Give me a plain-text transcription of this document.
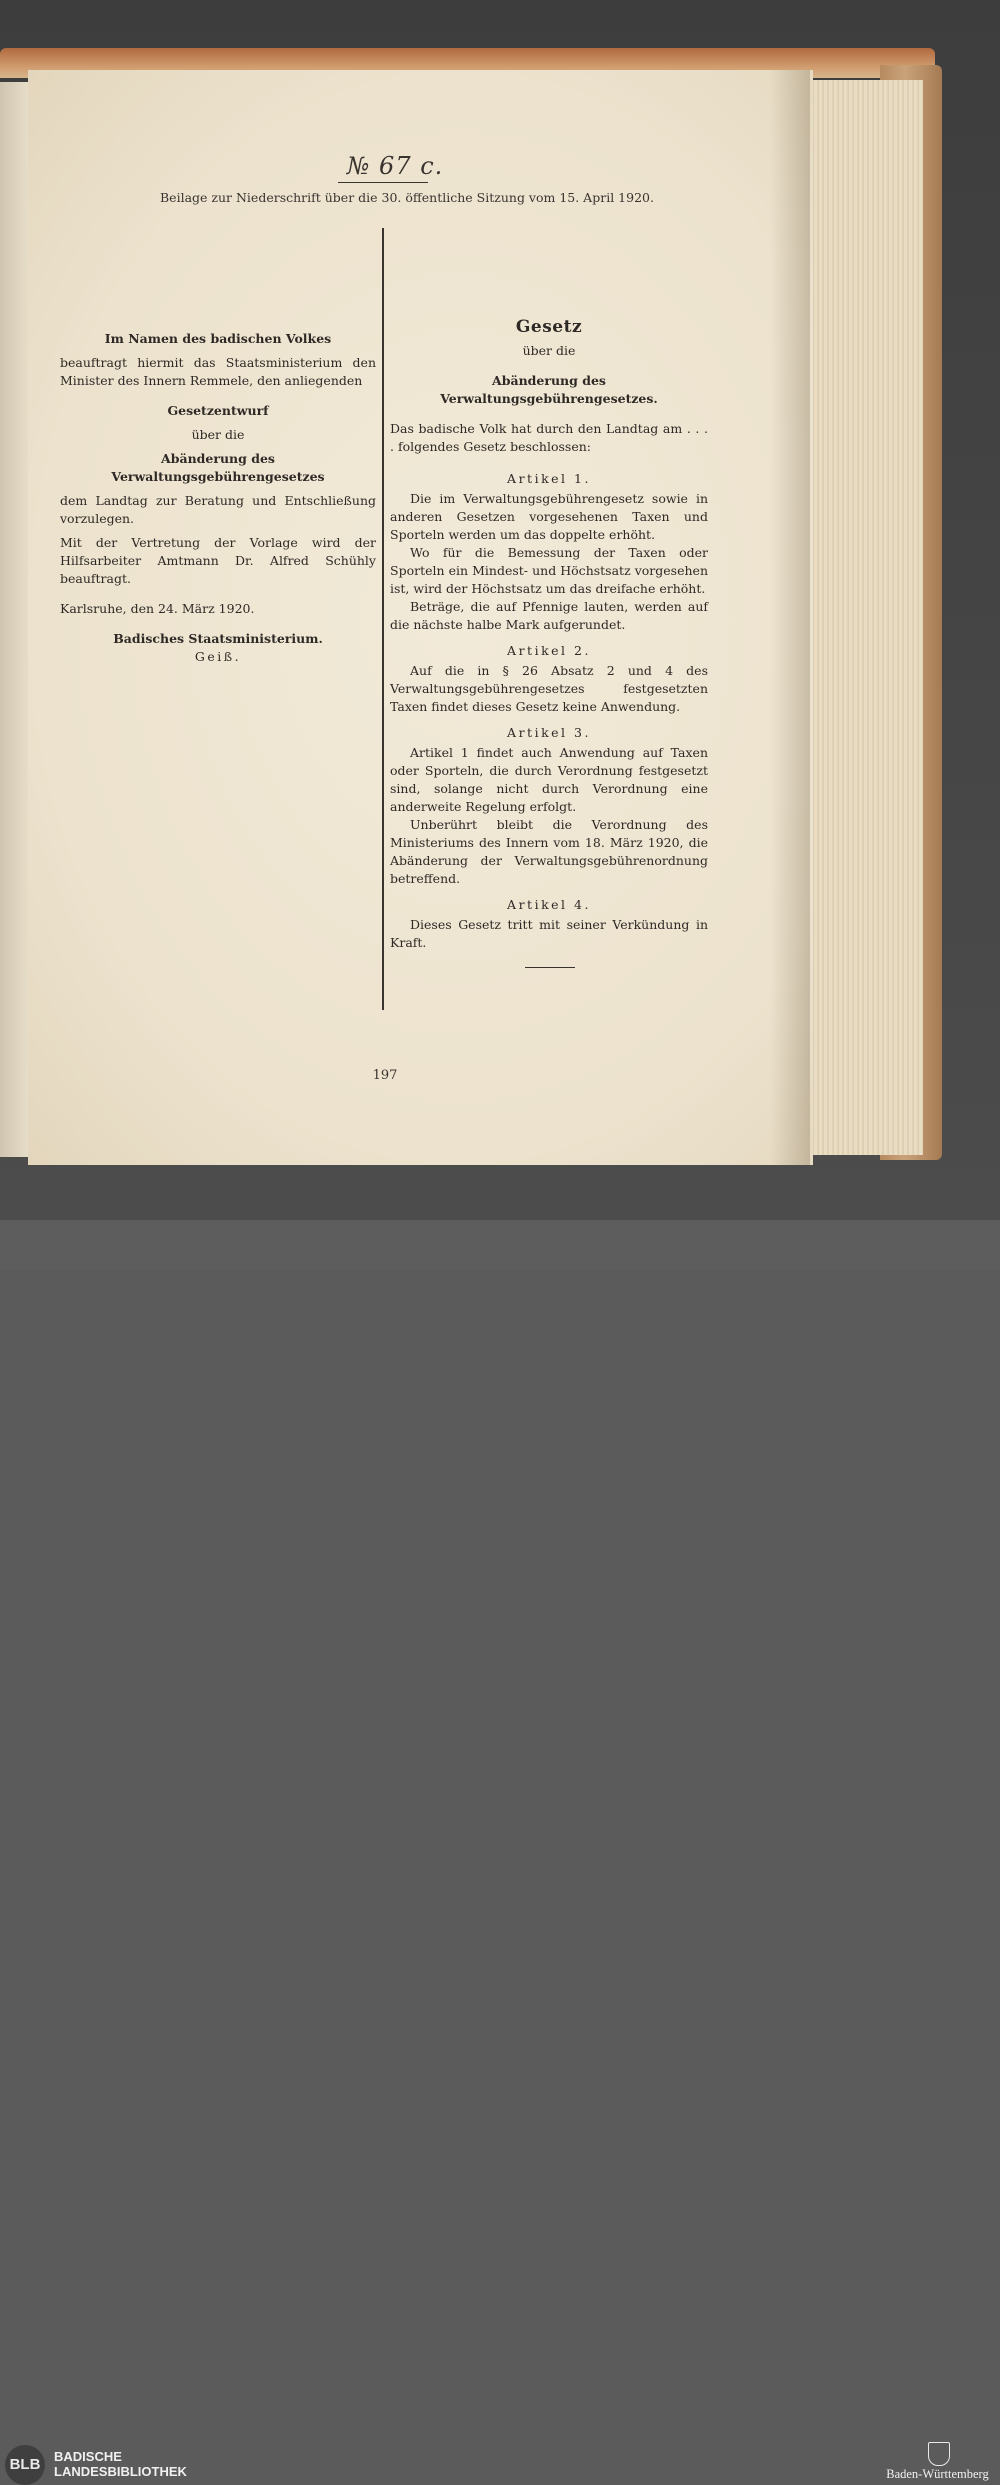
№ 67 c.
Beilage zur Niederschrift über die 30. öffentliche Sitzung vom 15. April 1920.
Im Namen des badischen Volkes
beauftragt hiermit das Staatsministerium den Minister des Innern Remmele, den anliegenden
Gesetzentwurf
über die
Abänderung des Verwaltungsgebührengesetzes
dem Landtag zur Beratung und Entschließung vorzulegen.
Mit der Vertretung der Vorlage wird der Hilfsarbeiter Amtmann Dr. Alfred Schühly beauftragt.
Karlsruhe, den 24. März 1920.
Badisches Staatsministerium.
Geiß.
Gesetz
über die
Abänderung des Verwaltungsgebührengesetzes.
Das badische Volk hat durch den Landtag am . . . . folgendes Gesetz beschlossen:
Artikel 1.
Die im Verwaltungsgebührengesetz sowie in anderen Gesetzen vorgesehenen Taxen und Sporteln werden um das doppelte erhöht.
Wo für die Bemessung der Taxen oder Sporteln ein Mindest- und Höchstsatz vorgesehen ist, wird der Höchstsatz um das dreifache erhöht.
Beträge, die auf Pfennige lauten, werden auf die nächste halbe Mark aufgerundet.
Artikel 2.
Auf die in § 26 Absatz 2 und 4 des Verwaltungsgebührengesetzes festgesetzten Taxen findet dieses Gesetz keine Anwendung.
Artikel 3.
Artikel 1 findet auch Anwendung auf Taxen oder Sporteln, die durch Verordnung festgesetzt sind, solange nicht durch Verordnung eine anderweite Regelung erfolgt.
Unberührt bleibt die Verordnung des Ministeriums des Innern vom 18. März 1920, die Abänderung der Verwaltungsgebührenordnung betreffend.
Artikel 4.
Dieses Gesetz tritt mit seiner Verkündung in Kraft.
197
BLB	BADISCHE
LANDESBIBLIOTHEK	Baden-Württemberg
